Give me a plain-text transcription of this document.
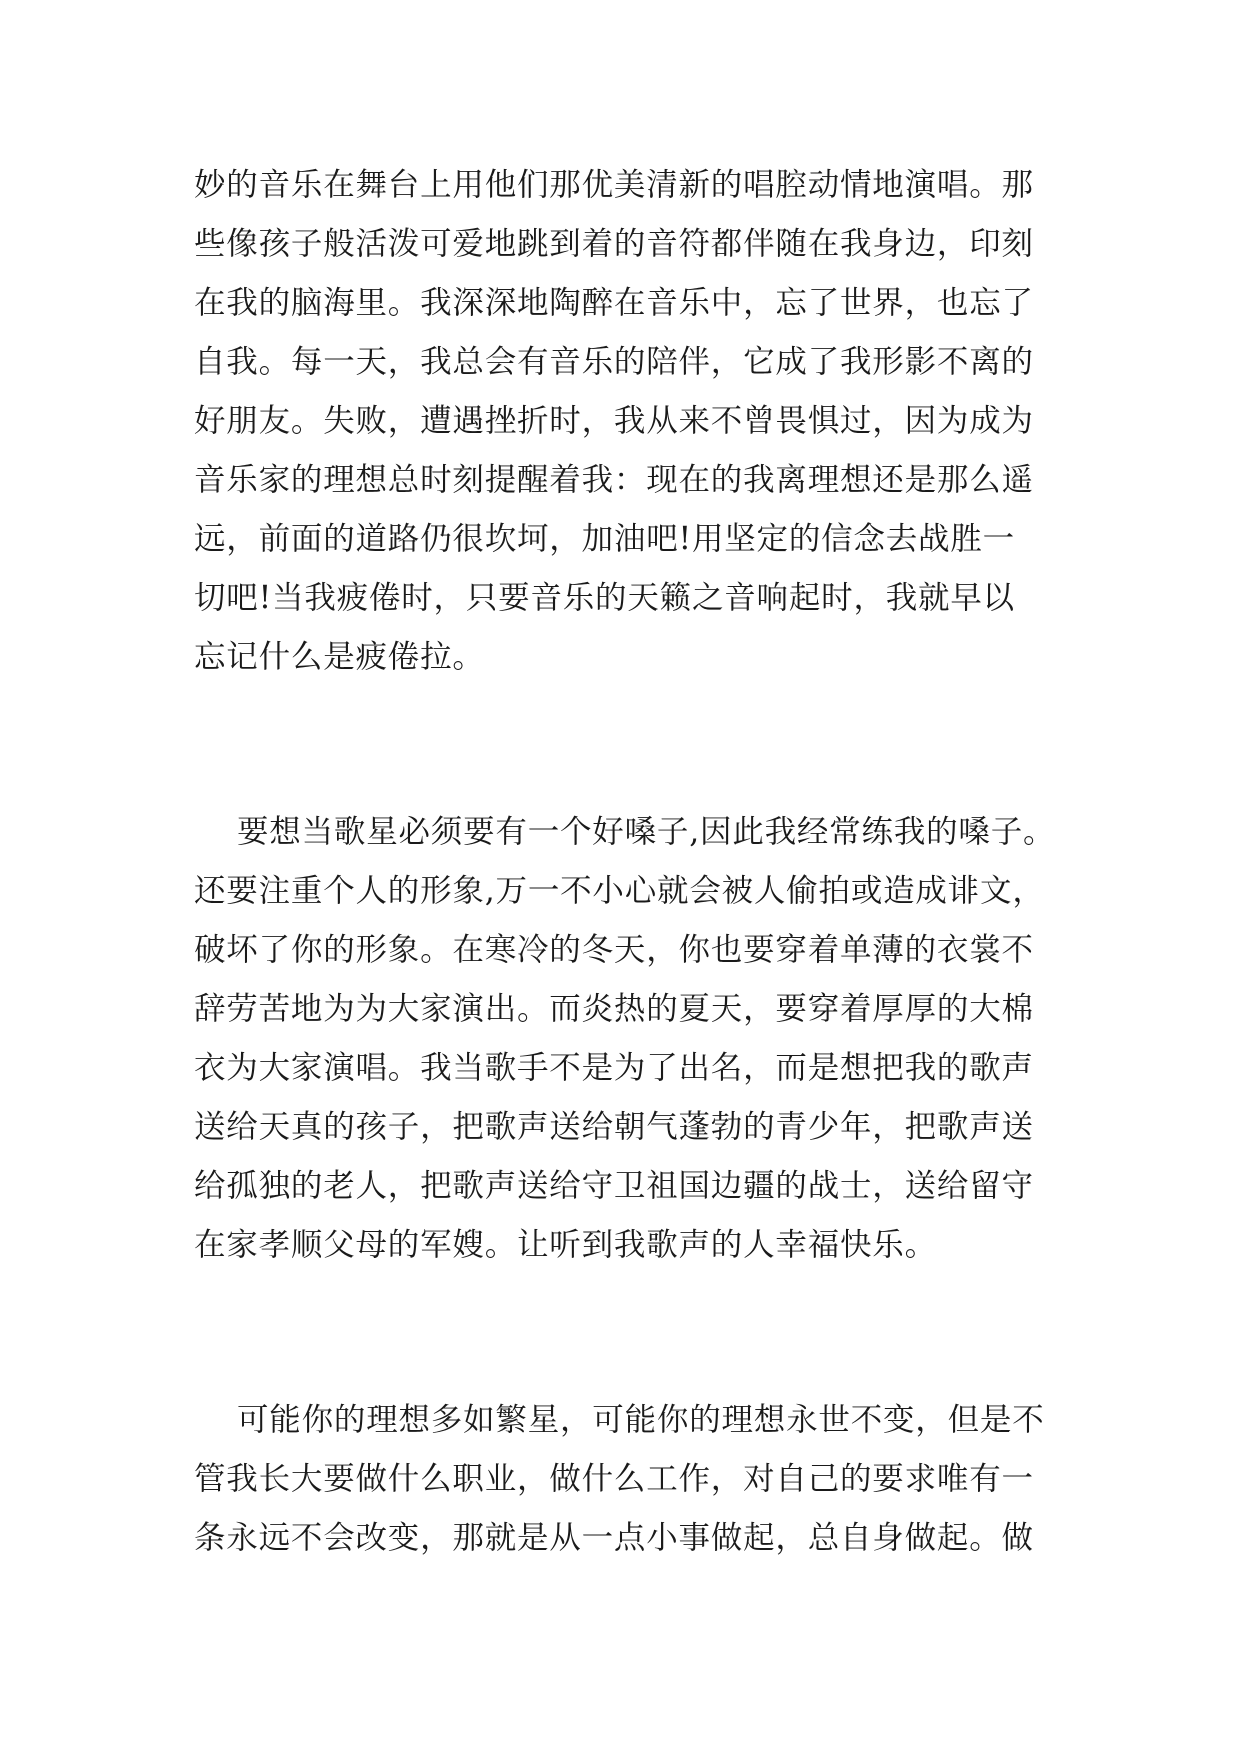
妙的音乐在舞台上用他们那优美清新的唱腔动情地演唱。那
些像孩子般活泼可爱地跳到着的音符都伴随在我身边，印刻
在我的脑海里。我深深地陶醉在音乐中，忘了世界，也忘了
自我。每一天，我总会有音乐的陪伴，它成了我形影不离的
好朋友。失败，遭遇挫折时，我从来不曾畏惧过，因为成为
音乐家的理想总时刻提醒着我：现在的我离理想还是那么遥
远，前面的道路仍很坎坷，加油吧!用坚定的信念去战胜一
切吧!当我疲倦时，只要音乐的天籁之音响起时，我就早以
忘记什么是疲倦拉。
要想当歌星必须要有一个好嗓子,因此我经常练我的嗓子。
还要注重个人的形象,万一不小心就会被人偷拍或造成诽文，
破坏了你的形象。在寒冷的冬天，你也要穿着单薄的衣裳不
辞劳苦地为为大家演出。而炎热的夏天，要穿着厚厚的大棉
衣为大家演唱。我当歌手不是为了出名，而是想把我的歌声
送给天真的孩子，把歌声送给朝气蓬勃的青少年，把歌声送
给孤独的老人，把歌声送给守卫祖国边疆的战士，送给留守
在家孝顺父母的军嫂。让听到我歌声的人幸福快乐。
可能你的理想多如繁星，可能你的理想永世不变，但是不
管我长大要做什么职业，做什么工作，对自己的要求唯有一
条永远不会改变，那就是从一点小事做起，总自身做起。做
